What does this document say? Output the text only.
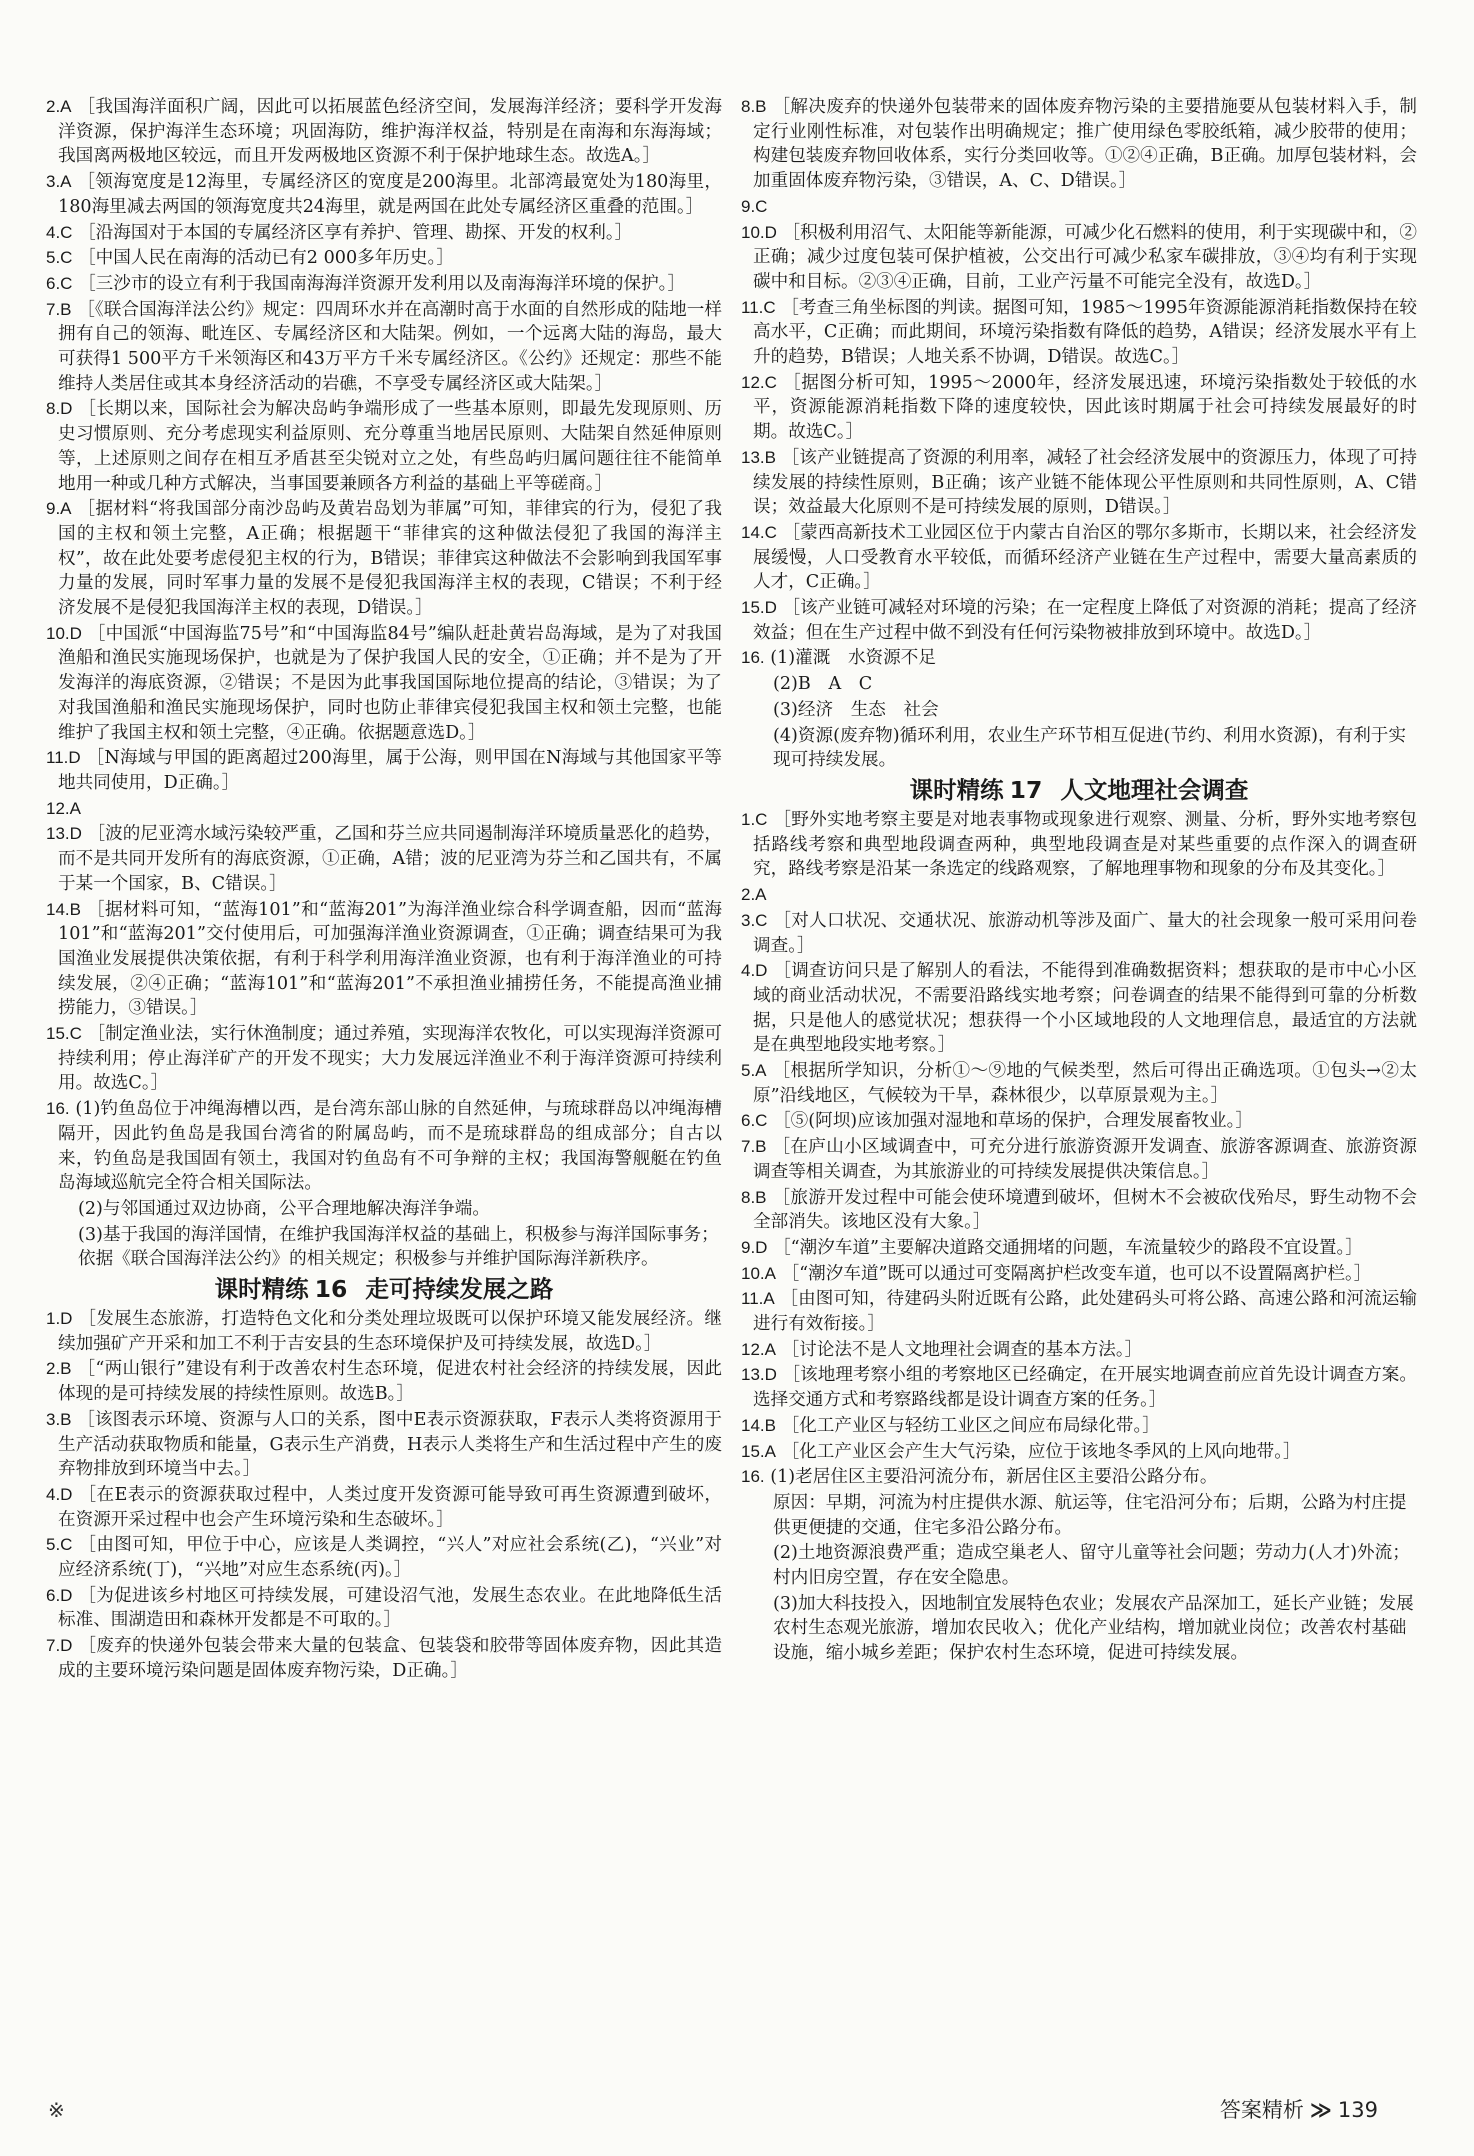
2.A ［我国海洋面积广阔，因此可以拓展蓝色经济空间，发展海洋经济；要科学开发海洋资源，保护海洋生态环境；巩固海防，维护海洋权益，特别是在南海和东海海域；我国离两极地区较远，而且开发两极地区资源不利于保护地球生态。故选A。］
3.A ［领海宽度是12海里，专属经济区的宽度是200海里。北部湾最宽处为180海里，180海里减去两国的领海宽度共24海里，就是两国在此处专属经济区重叠的范围。］
4.C ［沿海国对于本国的专属经济区享有养护、管理、勘探、开发的权利。］
5.C ［中国人民在南海的活动已有2 000多年历史。］
6.C ［三沙市的设立有利于我国南海海洋资源开发利用以及南海海洋环境的保护。］
7.B ［《联合国海洋法公约》规定：四周环水并在高潮时高于水面的自然形成的陆地一样拥有自己的领海、毗连区、专属经济区和大陆架。例如，一个远离大陆的海岛，最大可获得1 500平方千米领海区和43万平方千米专属经济区。《公约》还规定：那些不能维持人类居住或其本身经济活动的岩礁，不享受专属经济区或大陆架。］
8.D ［长期以来，国际社会为解决岛屿争端形成了一些基本原则，即最先发现原则、历史习惯原则、充分考虑现实利益原则、充分尊重当地居民原则、大陆架自然延伸原则等，上述原则之间存在相互矛盾甚至尖锐对立之处，有些岛屿归属问题往往不能简单地用一种或几种方式解决，当事国要兼顾各方利益的基础上平等磋商。］
9.A ［据材料“将我国部分南沙岛屿及黄岩岛划为菲属”可知，菲律宾的行为，侵犯了我国的主权和领土完整，A正确；根据题干“菲律宾的这种做法侵犯了我国的海洋主权”，故在此处要考虑侵犯主权的行为，B错误；菲律宾这种做法不会影响到我国军事力量的发展，同时军事力量的发展不是侵犯我国海洋主权的表现，C错误；不利于经济发展不是侵犯我国海洋主权的表现，D错误。］
10.D ［中国派“中国海监75号”和“中国海监84号”编队赶赴黄岩岛海域，是为了对我国渔船和渔民实施现场保护，也就是为了保护我国人民的安全，①正确；并不是为了开发海洋的海底资源，②错误；不是因为此事我国国际地位提高的结论，③错误；为了对我国渔船和渔民实施现场保护，同时也防止菲律宾侵犯我国主权和领土完整，也能维护了我国主权和领土完整，④正确。依据题意选D。］
11.D ［N海域与甲国的距离超过200海里，属于公海，则甲国在N海域与其他国家平等地共同使用，D正确。］
12.A
13.D ［波的尼亚湾水域污染较严重，乙国和芬兰应共同遏制海洋环境质量恶化的趋势，而不是共同开发所有的海底资源，①正确，A错；波的尼亚湾为芬兰和乙国共有，不属于某一个国家，B、C错误。］
14.B ［据材料可知，“蓝海101”和“蓝海201”为海洋渔业综合科学调查船，因而“蓝海101”和“蓝海201”交付使用后，可加强海洋渔业资源调查，①正确；调查结果可为我国渔业发展提供决策依据，有利于科学利用海洋渔业资源，也有利于海洋渔业的可持续发展，②④正确；“蓝海101”和“蓝海201”不承担渔业捕捞任务，不能提高渔业捕捞能力，③错误。］
15.C ［制定渔业法，实行休渔制度；通过养殖，实现海洋农牧化，可以实现海洋资源可持续利用；停止海洋矿产的开发不现实；大力发展远洋渔业不利于海洋资源可持续利用。故选C。］
16. (1)钓鱼岛位于冲绳海槽以西，是台湾东部山脉的自然延伸，与琉球群岛以冲绳海槽隔开，因此钓鱼岛是我国台湾省的附属岛屿，而不是琉球群岛的组成部分；自古以来，钓鱼岛是我国固有领土，我国对钓鱼岛有不可争辩的主权；我国海警舰艇在钓鱼岛海域巡航完全符合相关国际法。
(2)与邻国通过双边协商，公平合理地解决海洋争端。
(3)基于我国的海洋国情，在维护我国海洋权益的基础上，积极参与海洋国际事务；依据《联合国海洋法公约》的相关规定；积极参与并维护国际海洋新秩序。
课时精练 16 走可持续发展之路
1.D ［发展生态旅游，打造特色文化和分类处理垃圾既可以保护环境又能发展经济。继续加强矿产开采和加工不利于吉安县的生态环境保护及可持续发展，故选D。］
2.B ［“两山银行”建设有利于改善农村生态环境，促进农村社会经济的持续发展，因此体现的是可持续发展的持续性原则。故选B。］
3.B ［该图表示环境、资源与人口的关系，图中E表示资源获取，F表示人类将资源用于生产活动获取物质和能量，G表示生产消费，H表示人类将生产和生活过程中产生的废弃物排放到环境当中去。］
4.D ［在E表示的资源获取过程中，人类过度开发资源可能导致可再生资源遭到破坏，在资源开采过程中也会产生环境污染和生态破坏。］
5.C ［由图可知，甲位于中心，应该是人类调控，“兴人”对应社会系统(乙)，“兴业”对应经济系统(丁)，“兴地”对应生态系统(丙)。］
6.D ［为促进该乡村地区可持续发展，可建设沼气池，发展生态农业。在此地降低生活标准、围湖造田和森林开发都是不可取的。］
7.D ［废弃的快递外包装会带来大量的包装盒、包装袋和胶带等固体废弃物，因此其造成的主要环境污染问题是固体废弃物污染，D正确。］
8.B ［解决废弃的快递外包装带来的固体废弃物污染的主要措施要从包装材料入手，制定行业刚性标准，对包装作出明确规定；推广使用绿色零胶纸箱，减少胶带的使用；构建包装废弃物回收体系，实行分类回收等。①②④正确，B正确。加厚包装材料，会加重固体废弃物污染，③错误，A、C、D错误。］
9.C
10.D ［积极利用沼气、太阳能等新能源，可减少化石燃料的使用，利于实现碳中和，②正确；减少过度包装可保护植被，公交出行可减少私家车碳排放，③④均有利于实现碳中和目标。②③④正确，目前，工业产污量不可能完全没有，故选D。］
11.C ［考查三角坐标图的判读。据图可知，1985～1995年资源能源消耗指数保持在较高水平，C正确；而此期间，环境污染指数有降低的趋势，A错误；经济发展水平有上升的趋势，B错误；人地关系不协调，D错误。故选C。］
12.C ［据图分析可知，1995～2000年，经济发展迅速，环境污染指数处于较低的水平，资源能源消耗指数下降的速度较快，因此该时期属于社会可持续发展最好的时期。故选C。］
13.B ［该产业链提高了资源的利用率，减轻了社会经济发展中的资源压力，体现了可持续发展的持续性原则，B正确；该产业链不能体现公平性原则和共同性原则，A、C错误；效益最大化原则不是可持续发展的原则，D错误。］
14.C ［蒙西高新技术工业园区位于内蒙古自治区的鄂尔多斯市，长期以来，社会经济发展缓慢，人口受教育水平较低，而循环经济产业链在生产过程中，需要大量高素质的人才，C正确。］
15.D ［该产业链可减轻对环境的污染；在一定程度上降低了对资源的消耗；提高了经济效益；但在生产过程中做不到没有任何污染物被排放到环境中。故选D。］
16. (1)灌溉　水资源不足
(2)B　A　C
(3)经济　生态　社会
(4)资源(废弃物)循环利用，农业生产环节相互促进(节约、利用水资源)，有利于实现可持续发展。
课时精练 17 人文地理社会调查
1.C ［野外实地考察主要是对地表事物或现象进行观察、测量、分析，野外实地考察包括路线考察和典型地段调查两种，典型地段调查是对某些重要的点作深入的调查研究，路线考察是沿某一条选定的线路观察，了解地理事物和现象的分布及其变化。］
2.A
3.C ［对人口状况、交通状况、旅游动机等涉及面广、量大的社会现象一般可采用问卷调查。］
4.D ［调查访问只是了解别人的看法，不能得到准确数据资料；想获取的是市中心小区域的商业活动状况，不需要沿路线实地考察；问卷调查的结果不能得到可靠的分析数据，只是他人的感觉状况；想获得一个小区域地段的人文地理信息，最适宜的方法就是在典型地段实地考察。］
5.A ［根据所学知识，分析①～⑨地的气候类型，然后可得出正确选项。①包头→②太原”沿线地区，气候较为干旱，森林很少，以草原景观为主。］
6.C ［⑤(阿坝)应该加强对湿地和草场的保护，合理发展畜牧业。］
7.B ［在庐山小区域调查中，可充分进行旅游资源开发调查、旅游客源调查、旅游资源调查等相关调查，为其旅游业的可持续发展提供决策信息。］
8.B ［旅游开发过程中可能会使环境遭到破坏，但树木不会被砍伐殆尽，野生动物不会全部消失。该地区没有大象。］
9.D ［“潮汐车道”主要解决道路交通拥堵的问题，车流量较少的路段不宜设置。］
10.A ［“潮汐车道”既可以通过可变隔离护栏改变车道，也可以不设置隔离护栏。］
11.A ［由图可知，待建码头附近既有公路，此处建码头可将公路、高速公路和河流运输进行有效衔接。］
12.A ［讨论法不是人文地理社会调查的基本方法。］
13.D ［该地理考察小组的考察地区已经确定，在开展实地调查前应首先设计调查方案。选择交通方式和考察路线都是设计调查方案的任务。］
14.B ［化工产业区与轻纺工业区之间应布局绿化带。］
15.A ［化工产业区会产生大气污染，应位于该地冬季风的上风向地带。］
16. (1)老居住区主要沿河流分布，新居住区主要沿公路分布。
原因：早期，河流为村庄提供水源、航运等，住宅沿河分布；后期，公路为村庄提供更便捷的交通，住宅多沿公路分布。
(2)土地资源浪费严重；造成空巢老人、留守儿童等社会问题；劳动力(人才)外流；村内旧房空置，存在安全隐患。
(3)加大科技投入，因地制宜发展特色农业；发展农产品深加工，延长产业链；发展农村生态观光旅游，增加农民收入；优化产业结构，增加就业岗位；改善农村基础设施，缩小城乡差距；保护农村生态环境，促进可持续发展。
※	答案精析 ≫ 139
